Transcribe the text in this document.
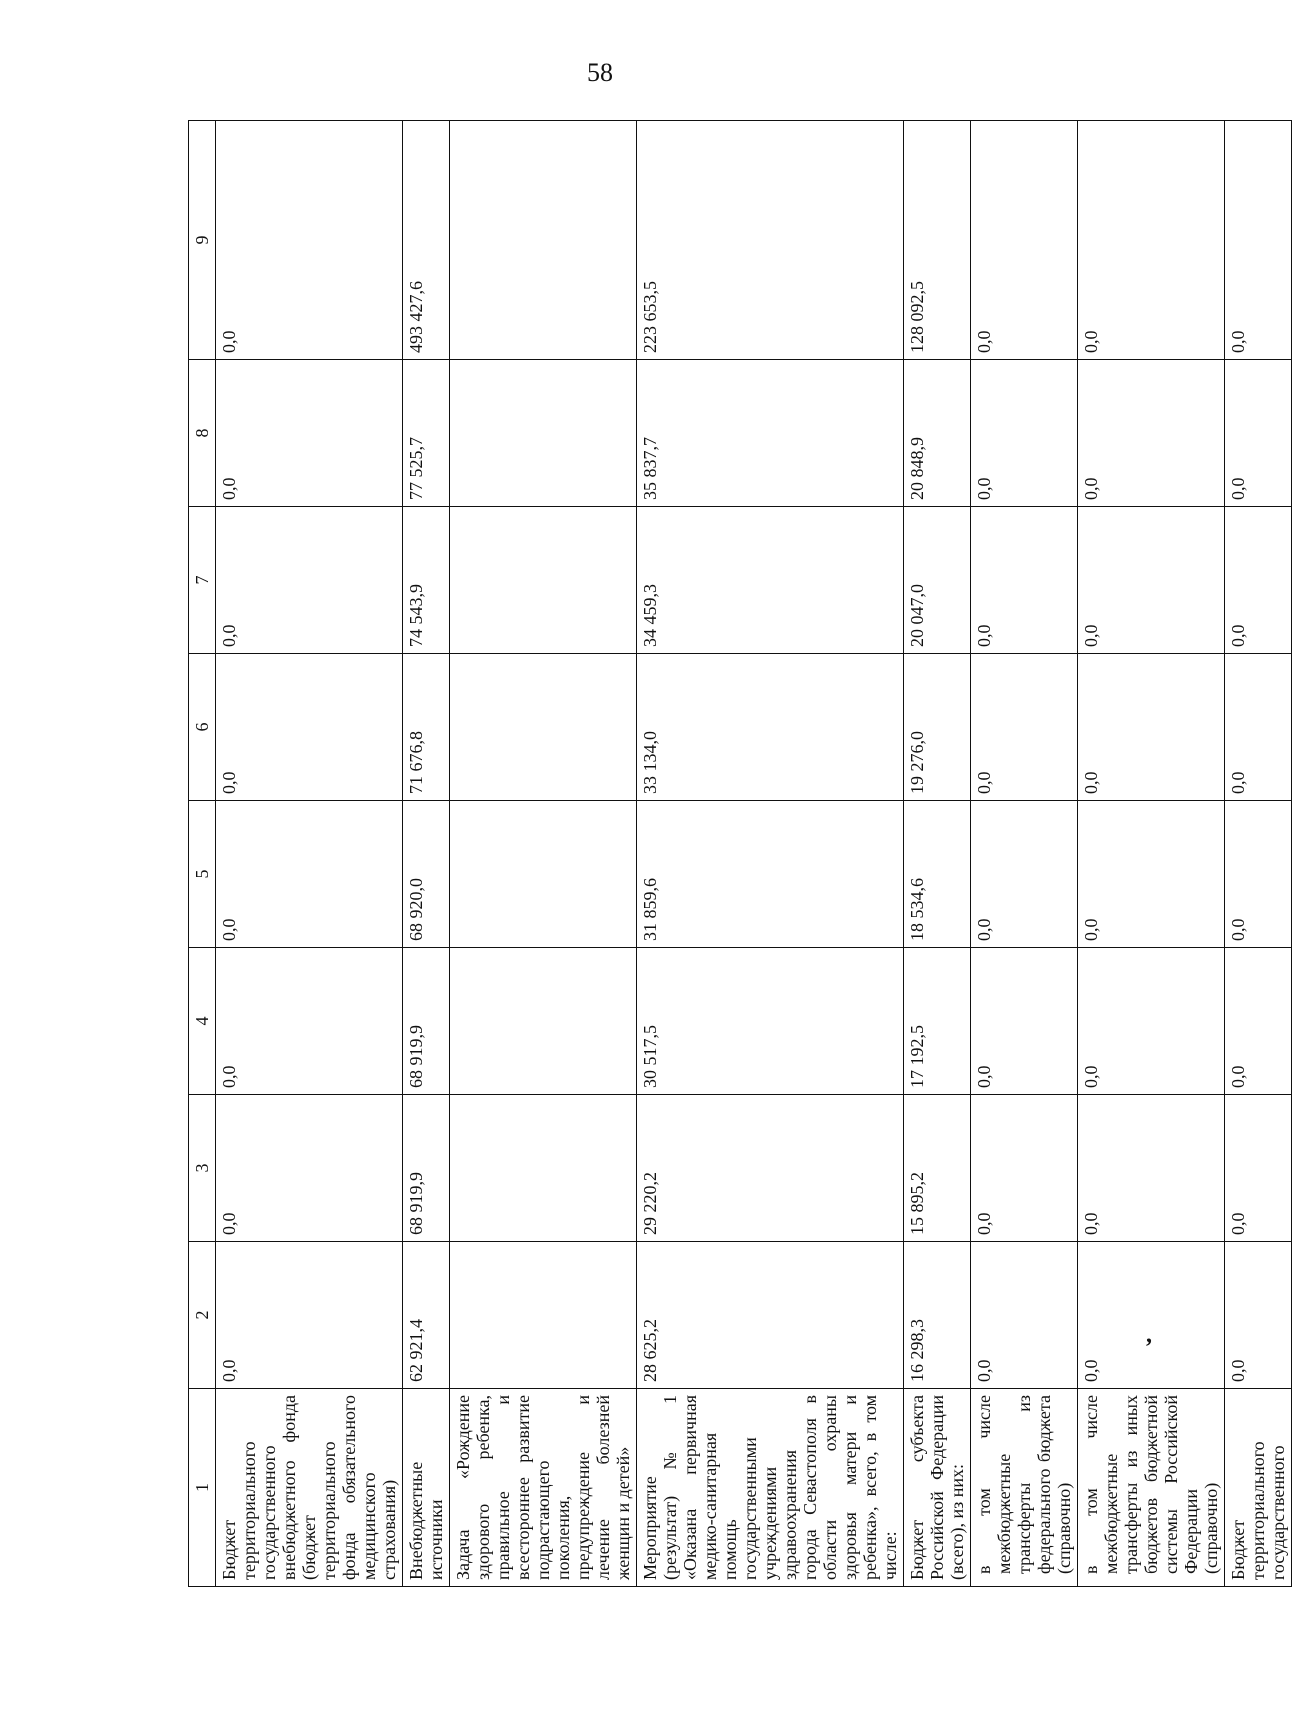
58
,
1	2	3	4	5	6	7	8	9
Бюджет территориального государственного внебюджетного фонда (бюджет территориального фонда обязательного медицинского страхования)	0,0	0,0	0,0	0,0	0,0	0,0	0,0	0,0
Внебюджетные источники	62 921,4	68 919,9	68 919,9	68 920,0	71 676,8	74 543,9	77 525,7	493 427,6
Задача «Рождение здорового ребенка, правильное и всестороннее развитие подрастающего поколения, предупреждение и лечение болезней женщин и детей»								
Мероприятие (результат) № 1 «Оказана первичная медико-санитарная помощь государственными учреждениями здравоохранения города Севастополя в области охраны здоровья матери и ребенка», всего, в том числе:	28 625,2	29 220,2	30 517,5	31 859,6	33 134,0	34 459,3	35 837,7	223 653,5
Бюджет субъекта Российской Федерации (всего), из них:	16 298,3	15 895,2	17 192,5	18 534,6	19 276,0	20 047,0	20 848,9	128 092,5
в том числе межбюджетные трансферты из федерального бюджета (справочно)	0,0	0,0	0,0	0,0	0,0	0,0	0,0	0,0
в том числе межбюджетные трансферты из иных бюджетов бюджетной системы Российской Федерации (справочно)	0,0	0,0	0,0	0,0	0,0	0,0	0,0	0,0
Бюджет территориального государственного	0,0	0,0	0,0	0,0	0,0	0,0	0,0	0,0
